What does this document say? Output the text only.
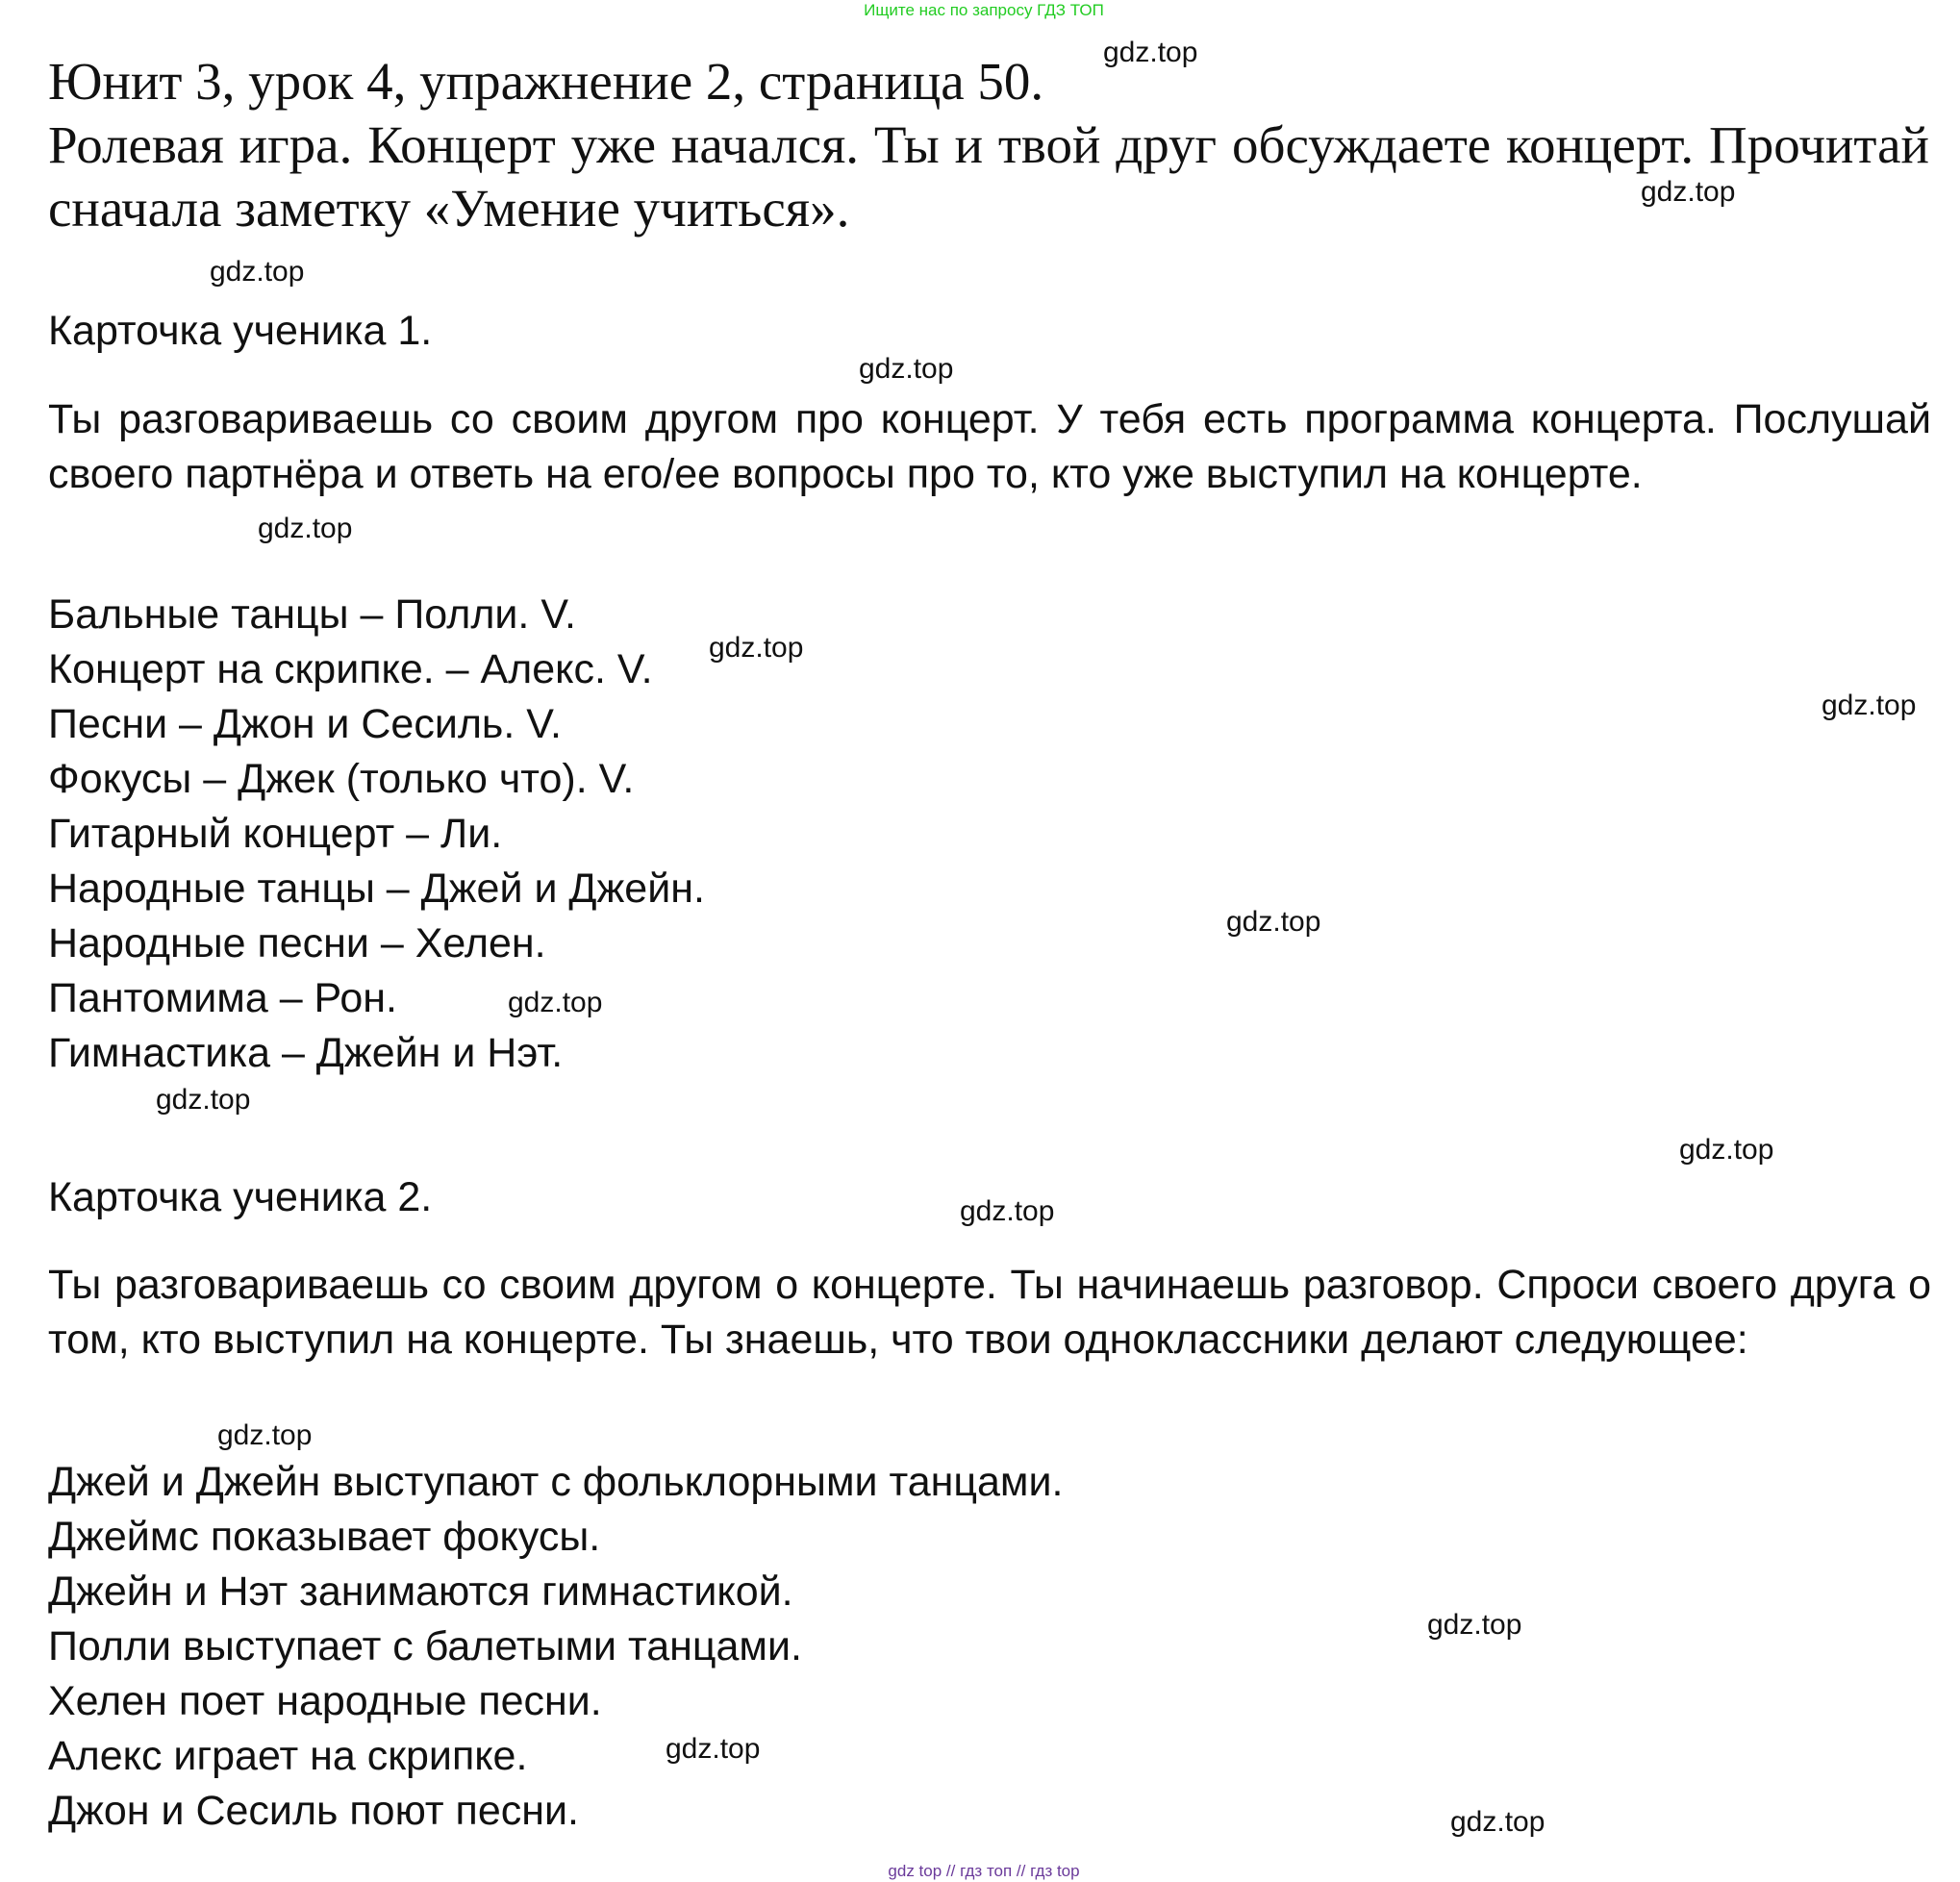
Ищите нас по запросу ГДЗ ТОП
Юнит 3, урок 4, упражнение 2, страница 50.
Ролевая игра. Концерт уже начался. Ты и твой друг обсуждаете концерт. Прочитай сначала заметку «Умение учиться».
Карточка ученика 1.
Ты разговариваешь со своим другом про концерт. У тебя есть программа концерта. Послушай своего партнёра и ответь на его/ее вопросы про то, кто уже выступил на концерте.
Бальные танцы – Полли. V.
Концерт на скрипке. – Алекс. V.
Песни – Джон и Сесиль. V.
Фокусы – Джек (только что). V.
Гитарный концерт – Ли.
Народные танцы – Джей и Джейн.
Народные песни – Хелен.
Пантомима – Рон.
Гимнастика – Джейн и Нэт.
Карточка ученика 2.
Ты разговариваешь со своим другом о концерте. Ты начинаешь разговор. Спроси своего друга о том, кто выступил на концерте. Ты знаешь, что твои одноклассники делают следующее:
Джей и Джейн выступают с фольклорными танцами.
Джеймс показывает фокусы.
Джейн и Нэт занимаются гимнастикой.
Полли выступает с балетыми танцами.
Хелен поет народные песни.
Алекс играет на скрипке.
Джон и Сесиль поют песни.
gdz.top
gdz.top
gdz.top
gdz.top
gdz.top
gdz.top
gdz.top
gdz.top
gdz.top
gdz.top
gdz.top
gdz.top
gdz.top
gdz.top
gdz.top
gdz.top
gdz top // гдз топ // гдз top
